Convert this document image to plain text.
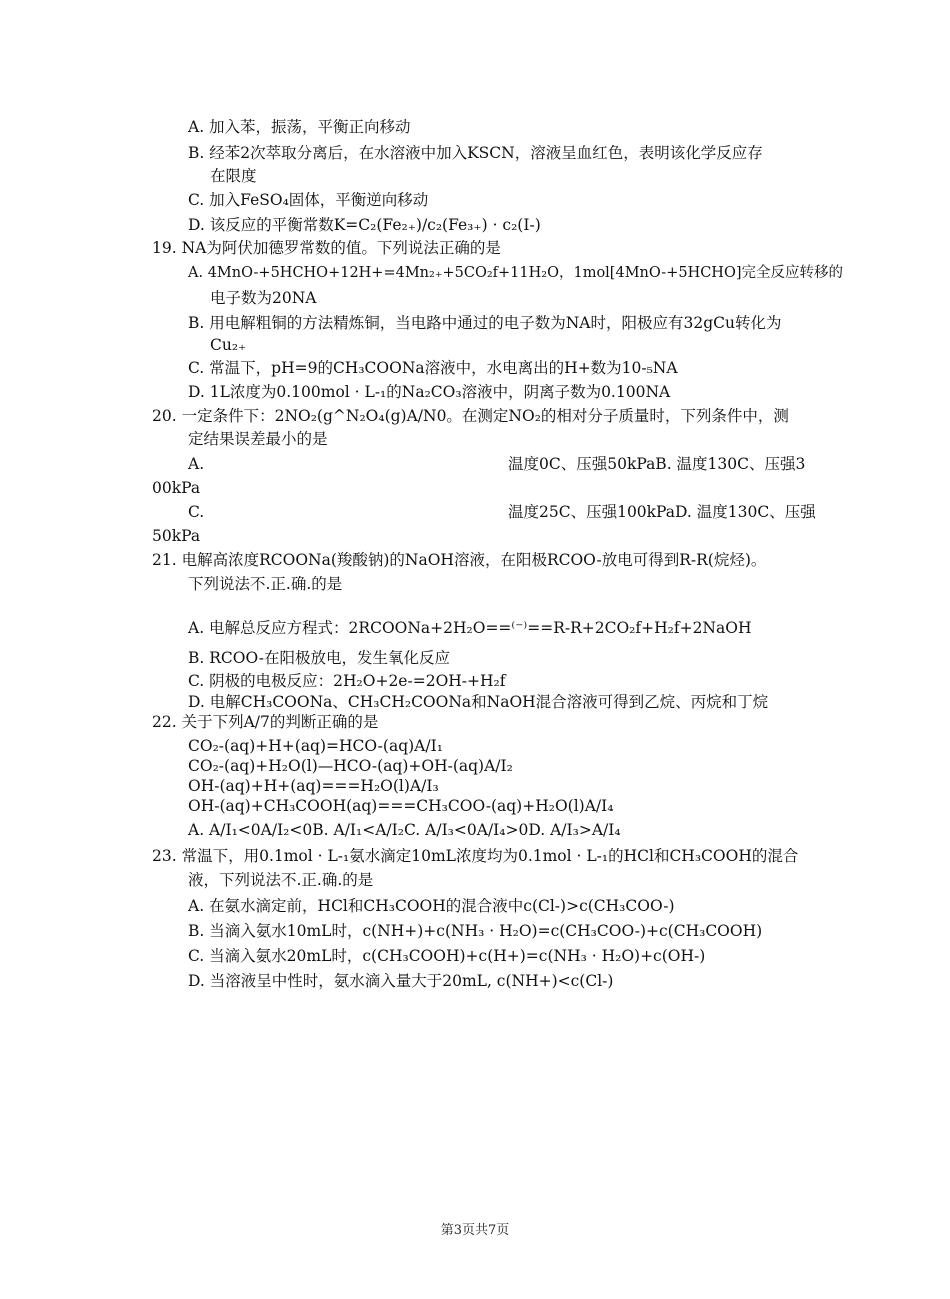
A. 加入苯，振荡，平衡正向移动
B. 经苯2次萃取分离后，在水溶液中加入KSCN，溶液呈血红色，表明该化学反应存
在限度
C. 加入FeSO₄固体，平衡逆向移动
D. 该反应的平衡常数K=C₂(Fe₂₊)/c₂(Fe₃₊) · c₂(I-)
19. NA为阿伏加德罗常数的值。下列说法正确的是
A. 4MnO-+5HCHO+12H+=4Mn₂₊+5CO₂f+11H₂O，1mol[4MnO-+5HCHO]完全反应转移的
电子数为20NA
B. 用电解粗铜的方法精炼铜，当电路中通过的电子数为NA时，阳极应有32gCu转化为
Cu₂₊
C. 常温下，pH=9的CH₃COONa溶液中，水电离出的H+数为10-₅NA
D. 1L浓度为0.100mol · L-₁的Na₂CO₃溶液中，阴离子数为0.100NA
20. 一定条件下：2NO₂(g^N₂O₄(g)A/N0。在测定NO₂的相对分子质量时，下列条件中，测
定结果误差最小的是
A.	温度0C、压强50kPaB. 温度130C、压强3
00kPa
C.	温度25C、压强100kPaD. 温度130C、压强
50kPa
21. 电解高浓度RCOONa(羧酸钠)的NaOH溶液，在阳极RCOO-放电可得到R-R(烷烃)。
下列说法不.正.确.的是
A. 电解总反应方程式：2RCOONa+2H₂O==⁽⁻⁾==R-R+2CO₂f+H₂f+2NaOH
B. RCOO-在阳极放电，发生氧化反应
C. 阴极的电极反应：2H₂O+2e-=2OH-+H₂f
D. 电解CH₃COONa、CH₃CH₂COONa和NaOH混合溶液可得到乙烷、丙烷和丁烷
22. 关于下列A/7的判断正确的是
CO₂-(aq)+H+(aq)=HCO-(aq)A/I₁
CO₂-(aq)+H₂O(l)—HCO-(aq)+OH-(aq)A/I₂
OH-(aq)+H+(aq)===H₂O(l)A/I₃
OH-(aq)+CH₃COOH(aq)===CH₃COO-(aq)+H₂O(l)A/I₄
A. A/I₁<0A/I₂<0B. A/I₁<A/I₂C. A/I₃<0A/I₄>0D. A/I₃>A/I₄
23. 常温下，用0.1mol · L-₁氨水滴定10mL浓度均为0.1mol · L-₁的HCl和CH₃COOH的混合
液，下列说法不.正.确.的是
A. 在氨水滴定前，HCl和CH₃COOH的混合液中c(Cl-)>c(CH₃COO-)
B. 当滴入氨水10mL时，c(NH+)+c(NH₃ · H₂O)=c(CH₃COO-)+c(CH₃COOH)
C. 当滴入氨水20mL时，c(CH₃COOH)+c(H+)=c(NH₃ · H₂O)+c(OH-)
D. 当溶液呈中性时，氨水滴入量大于20mL, c(NH+)<c(Cl-)
第3页共7页
